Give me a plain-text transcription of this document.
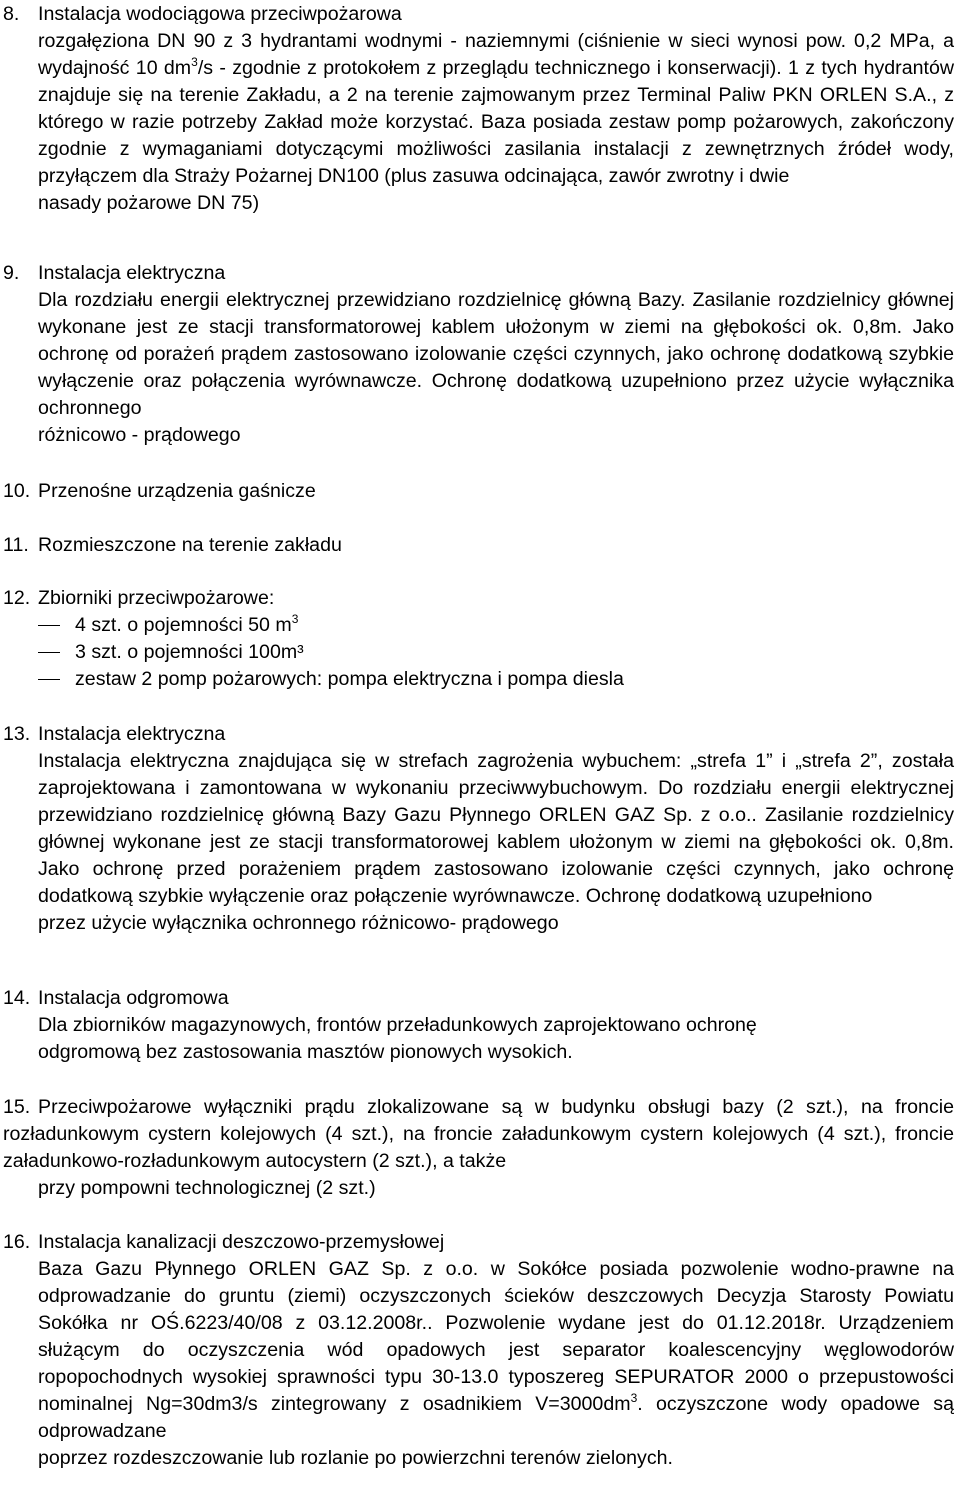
8. Instalacja wodociągowa przeciwpożarowa
rozgałęziona DN 90 z 3 hydrantami wodnymi - naziemnymi (ciśnienie w sieci wynosi pow. 0,2 MPa, a wydajność 10 $dm^3/s$ - zgodnie z protokołem z przeglądu technicznego i konserwacji). 1 z tych hydrantów znajduje się na terenie Zakładu, a 2 na terenie zajmowanym przez Terminal Paliw PKN ORLEN S.A., z którego w razie potrzeby Zakład może korzystać. Baza posiada zestaw pomp pożarowych, zakończony zgodnie z wymaganiami dotyczącymi możliwości zasilania instalacji z zewnętrznych źródeł wody, przyłączem dla Straży Pożarnej DN100 (plus zasuwa odcinająca, zawór zwrotny i dwie
nasady pożarowe DN 75)
9. Instalacja elektryczna
Dla rozdziału energii elektrycznej przewidziano rozdzielnicę główną Bazy. Zasilanie rozdzielnicy głównej wykonane jest ze stacji transformatorowej kablem ułożonym w ziemi na głębokości ok. 0,8m. Jako ochronę od porażeń prądem zastosowano izolowanie części czynnych, jako ochronę dodatkową szybkie wyłączenie oraz połączenia wyrównawcze. Ochronę dodatkową uzupełniono przez użycie wyłącznika ochronnego
różnicowo - prądowego
10. Przenośne urządzenia gaśnicze
11. Rozmieszczone na terenie zakładu
12. Zbiorniki przeciwpożarowe:
4 szt. o pojemności 50 $m^3$
3 szt. o pojemności 100m³
zestaw 2 pomp pożarowych: pompa elektryczna i pompa diesla
13. Instalacja elektryczna
Instalacja elektryczna znajdująca się w strefach zagrożenia wybuchem: „strefa 1” i „strefa 2”, została zaprojektowana i zamontowana w wykonaniu przeciwwybuchowym. Do rozdziału energii elektrycznej przewidziano rozdzielnicę główną Bazy Gazu Płynnego ORLEN GAZ Sp. z o.o.. Zasilanie rozdzielnicy głównej wykonane jest ze stacji transformatorowej kablem ułożonym w ziemi na głębokości ok. 0,8m. Jako ochronę przed porażeniem prądem zastosowano izolowanie części czynnych, jako ochronę dodatkową szybkie wyłączenie oraz połączenie wyrównawcze. Ochronę dodatkową uzupełniono
przez użycie wyłącznika ochronnego różnicowo- prądowego
14. Instalacja odgromowa
Dla zbiorników magazynowych, frontów przeładunkowych zaprojektowano ochronę
odgromową bez zastosowania masztów pionowych wysokich.
15. Przeciwpożarowe wyłączniki prądu zlokalizowane są w budynku obsługi bazy (2 szt.), na froncie rozładunkowym cystern kolejowych (4 szt.), na froncie załadunkowym cystern kolejowych (4 szt.), froncie załadunkowo-rozładunkowym autocystern (2 szt.), a także
przy pompowni technologicznej (2 szt.)
16. Instalacja kanalizacji deszczowo-przemysłowej
Baza Gazu Płynnego ORLEN GAZ Sp. z o.o. w Sokółce posiada pozwolenie wodno-prawne na odprowadzanie do gruntu (ziemi) oczyszczonych ścieków deszczowych Decyzja Starosty Powiatu Sokółka nr OŚ.6223/40/08 z 03.12.2008r.. Pozwolenie wydane jest do 01.12.2018r. Urządzeniem służącym do oczyszczenia wód opadowych jest separator koalescencyjny węglowodorów ropopochodnych wysokiej sprawności typu 30-13.0 typoszereg SEPURATOR 2000 o przepustowości nominalnej Ng=30dm3/s zintegrowany z osadnikiem $V=3000dm^3$. oczyszczone wody opadowe są odprowadzane
poprzez rozdeszczowanie lub rozlanie po powierzchni terenów zielonych.
